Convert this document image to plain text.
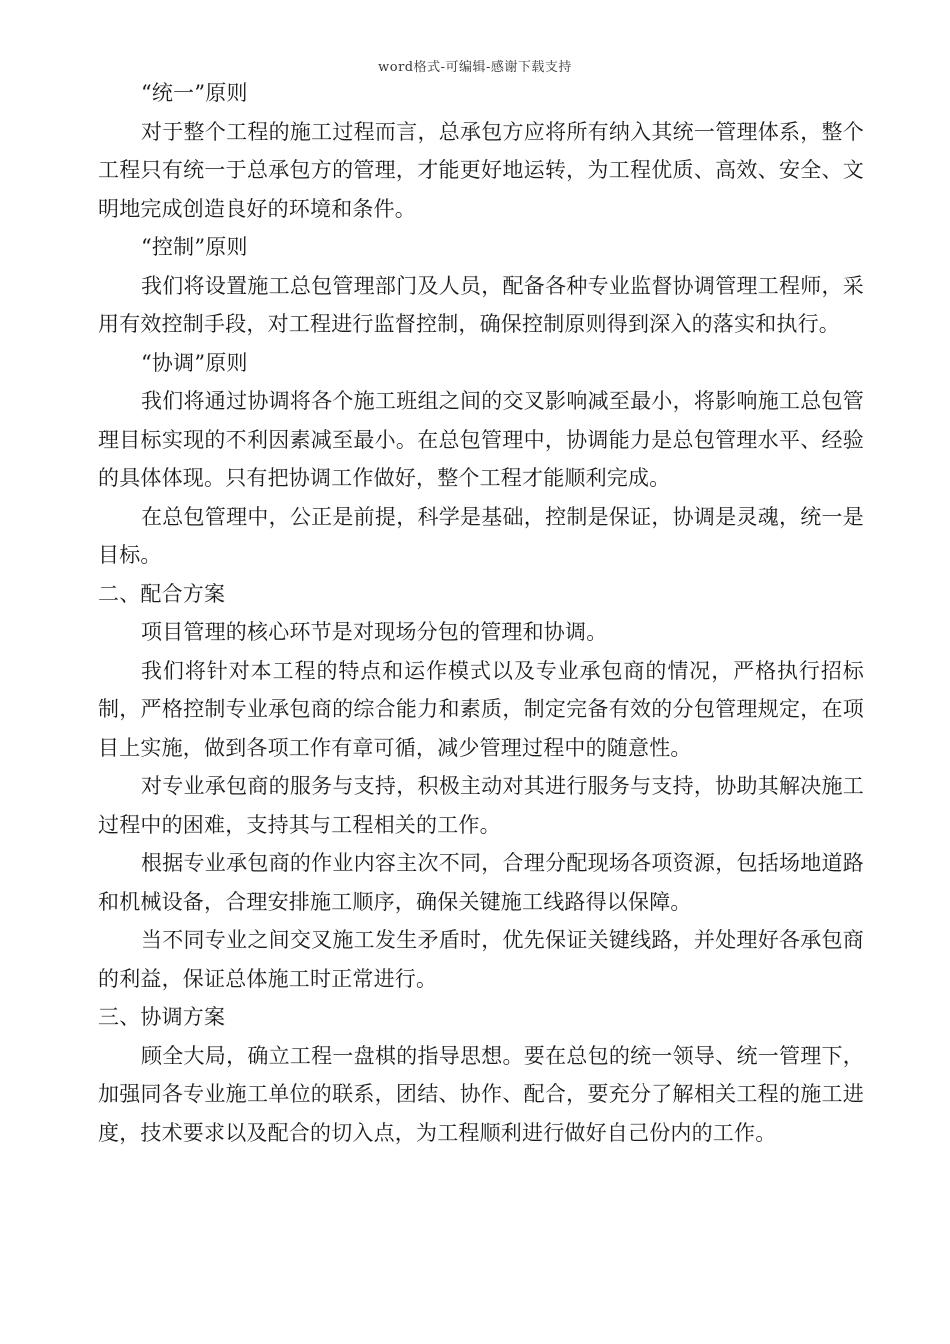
word格式-可编辑-感谢下载支持

“统一”原则

对于整个工程的施工过程而言，总承包方应将所有纳入其统一管理体系，整个工程只有统一于总承包方的管理，才能更好地运转，为工程优质、高效、安全、文明地完成创造良好的环境和条件。

“控制”原则

我们将设置施工总包管理部门及人员，配备各种专业监督协调管理工程师，采用有效控制手段，对工程进行监督控制，确保控制原则得到深入的落实和执行。

“协调”原则

我们将通过协调将各个施工班组之间的交叉影响减至最小，将影响施工总包管理目标实现的不利因素减至最小。在总包管理中，协调能力是总包管理水平、经验的具体体现。只有把协调工作做好，整个工程才能顺利完成。

在总包管理中，公正是前提，科学是基础，控制是保证，协调是灵魂，统一是目标。

二、配合方案

项目管理的核心环节是对现场分包的管理和协调。

我们将针对本工程的特点和运作模式以及专业承包商的情况，严格执行招标制，严格控制专业承包商的综合能力和素质，制定完备有效的分包管理规定，在项目上实施，做到各项工作有章可循，减少管理过程中的随意性。

对专业承包商的服务与支持，积极主动对其进行服务与支持，协助其解决施工过程中的困难，支持其与工程相关的工作。

根据专业承包商的作业内容主次不同，合理分配现场各项资源，包括场地道路和机械设备，合理安排施工顺序，确保关键施工线路得以保障。

当不同专业之间交叉施工发生矛盾时，优先保证关键线路，并处理好各承包商的利益，保证总体施工时正常进行。

三、协调方案

顾全大局，确立工程一盘棋的指导思想。要在总包的统一领导、统一管理下，加强同各专业施工单位的联系，团结、协作、配合，要充分了解相关工程的施工进度，技术要求以及配合的切入点，为工程顺利进行做好自己份内的工作。
